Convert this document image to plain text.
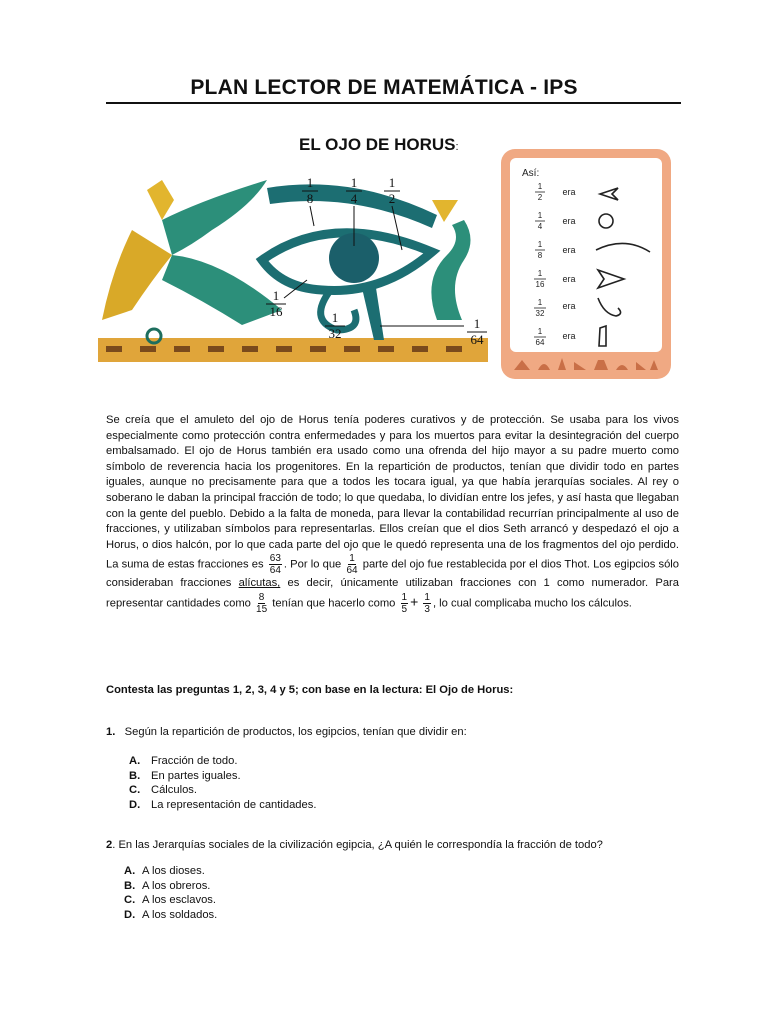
PLAN LECTOR DE MATEMÁTICA - IPS
EL OJO DE HORUS:
1
8
1
4
1
2
1
16	1
32
1
64
Así:
1
2
era
1
4
era
1
8
era
1
16
era
1
32
era
1
64
era

Se creía que el amuleto del ojo de Horus tenía poderes curativos y de protección. Se usaba para los vivos especialmente como protección contra enfermedades y para los muertos para evitar la desintegración del cuerpo embalsamado. El ojo de Horus también era usado como una ofrenda del hijo mayor a su padre muerto como símbolo de reverencia hacia los progenitores. En la repartición de productos, tenían que dividir todo en partes iguales, aunque no precisamente para que a todos les tocara igual, ya que había jerarquías sociales. Al rey o soberano le daban la principal fracción de todo; lo que quedaba, lo dividían entre los jefes, y así hasta que llegaban con la gente del pueblo. Debido a la falta de moneda, para llevar la contabilidad recurrían principalmente al uso de fracciones, y utilizaban símbolos para representarlas. Ellos creían que el dios Seth arrancó y despedazó el ojo a Horus, o dios halcón, por lo que cada parte del ojo que le quedó representa una de los fragmentos del ojo perdido. La suma de estas fracciones es $\frac{63}{64}$ . Por lo que $\frac{1}{64}$ parte del ojo fue restablecida por el dios Thot. Los egipcios sólo consideraban fracciones alícutas, es decir, únicamente utilizaban fracciones con 1 como numerador. Para representar cantidades como $\frac{8}{15}$ tenían que hacerlo como $\frac{1}{5} + \frac{1}{3}$ , lo cual complicaba mucho los cálculos.

Contesta las preguntas 1, 2, 3, 4 y 5; con base en la lectura: El Ojo de Horus:
1. Según la repartición de productos, los egipcios, tenían que dividir en:
A. Fracción de todo.
B. En partes iguales.
C. Cálculos.
D. La representación de cantidades.
2. En las Jerarquías sociales de la civilización egipcia, ¿A quién le correspondía la fracción de todo?
A. A los dioses.
B. A los obreros.
C. A los esclavos.
D. A los soldados.
